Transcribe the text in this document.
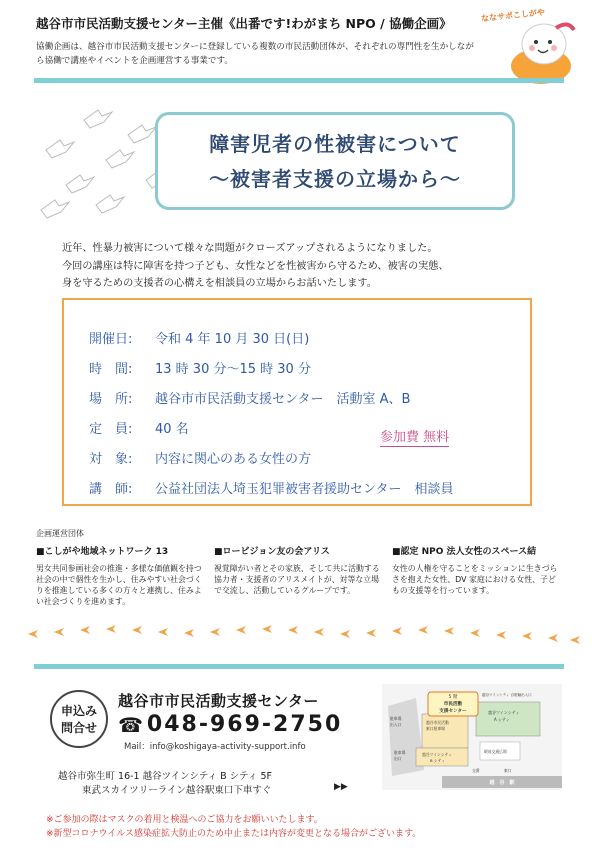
越谷市市民活動支援センター主催《出番です!わがまち NPO / 協働企画》
協働企画は、越谷市市民活動支援センターに登録している複数の市民活動団体が、それぞれの専門性を生かしながら協働で講座やイベントを企画運営する事業です。
ななサポこしがや
障害児者の性被害について
〜被害者支援の立場から〜
近年、性暴力被害について様々な問題がクローズアップされるようになりました。
今回の講座は特に障害を持つ子ども、女性などを性被害から守るため、被害の実態、
身を守るための支援者の心構えを相談員の立場からお話いたします。
開催日:	令和 4 年 10 月 30 日(日)
時　間:	13 時 30 分〜15 時 30 分
場　所:	越谷市市民活動支援センター　活動室 A、B
定　員:	40 名
対　象:	内容に関心のある女性の方
講　師:	公益社団法人埼玉犯罪被害者援助センター　相談員
参加費 無料
企画運営団体
■こしがや地域ネットワーク 13
男女共同参画社会の推進・多様な価値観を持つ社会の中で個性を生かし、住みやすい社会づくりを推進している多くの方々と連携し、住みよい社会づくりを進めます。
■ロービジョン友の会アリス
視覚障がい者とその家族、そして共に活動する協力者・支援者のアリスメイトが、対等な立場で交流し、活動しているグループです。
■認定 NPO 法人女性のスペース結
女性の人権を守ることをミッションに生きづらさを抱えた女性、DV 家庭における女性、子どもの支援等を行っています。
申込み
問合せ
越谷市市民活動支援センター
☎ 048-969-2750
Mail：info@koshigaya-activity-support.info
5 階
市民活動
支援センター
越谷ツインシティ 自駐輪出入口
越谷ツインシティ
A シティ
駐車場
出入口	越谷市民活動
東口駐車場
越谷ツインシティ
B シティ
駅前交通広場
駐車場
出口
交番	東口
越　谷　駅
越谷市弥生町 16-1 越谷ツインシティ B シティ 5F
東武スカイツリーライン越谷駅東口下車すぐ	▶▶
※ご参加の際はマスクの着用と検温へのご協力をお願いいたします。
※新型コロナウイルス感染症拡大防止のため中止または内容が変更となる場合がございます。
